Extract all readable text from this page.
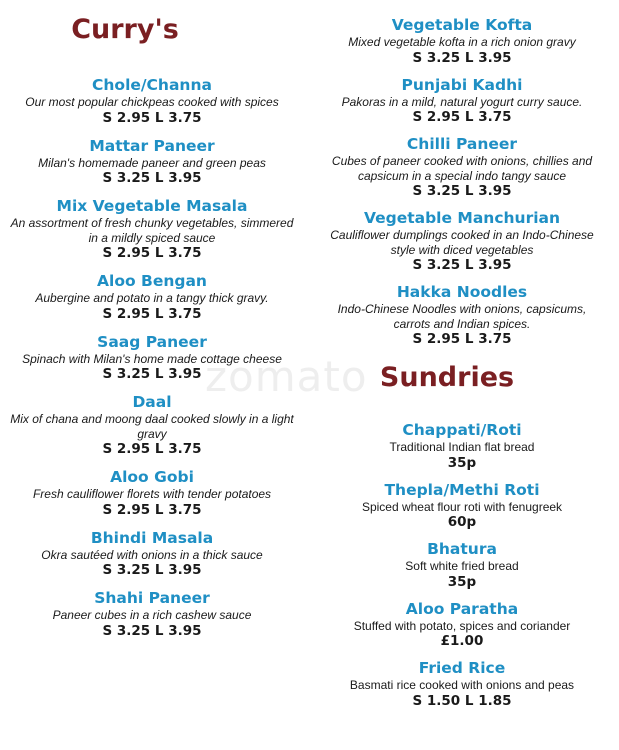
zomato
Curry's
Chole/Channa
Our most popular chickpeas cooked with spices
S 2.95 L 3.75
Mattar Paneer
Milan's homemade paneer and green peas
S 3.25 L 3.95
Mix Vegetable Masala
An assortment of fresh chunky vegetables, simmered in a mildly spiced sauce
S 2.95 L 3.75
Aloo Bengan
Aubergine and potato in a tangy thick gravy.
S 2.95 L 3.75
Saag Paneer
Spinach with Milan's home made cottage cheese
S 3.25 L 3.95
Daal
Mix of chana and moong daal cooked slowly in a light gravy
S 2.95 L 3.75
Aloo Gobi
Fresh cauliflower florets with tender potatoes
S 2.95 L 3.75
Bhindi Masala
Okra sautéed with onions in a thick sauce
S 3.25 L 3.95
Shahi Paneer
Paneer cubes in a rich cashew sauce
S 3.25 L 3.95
Vegetable Kofta
Mixed vegetable kofta in a rich onion gravy
S 3.25 L 3.95
Punjabi Kadhi
Pakoras in a mild, natural yogurt curry sauce.
S 2.95 L 3.75
Chilli Paneer
Cubes of paneer cooked with onions, chillies and capsicum in a special indo tangy sauce
S 3.25 L 3.95
Vegetable Manchurian
Cauliflower dumplings cooked in an Indo-Chinese style with diced vegetables
S 3.25 L 3.95
Hakka Noodles
Indo-Chinese Noodles with onions, capsicums, carrots and Indian spices.
S 2.95 L 3.75
Sundries
Chappati/Roti
Traditional Indian flat bread
35p
Thepla/Methi Roti
Spiced wheat flour roti with fenugreek
60p
Bhatura
Soft white fried bread
35p
Aloo Paratha
Stuffed with potato, spices and coriander
£1.00
Fried Rice
Basmati rice cooked with onions and peas
S 1.50 L 1.85
